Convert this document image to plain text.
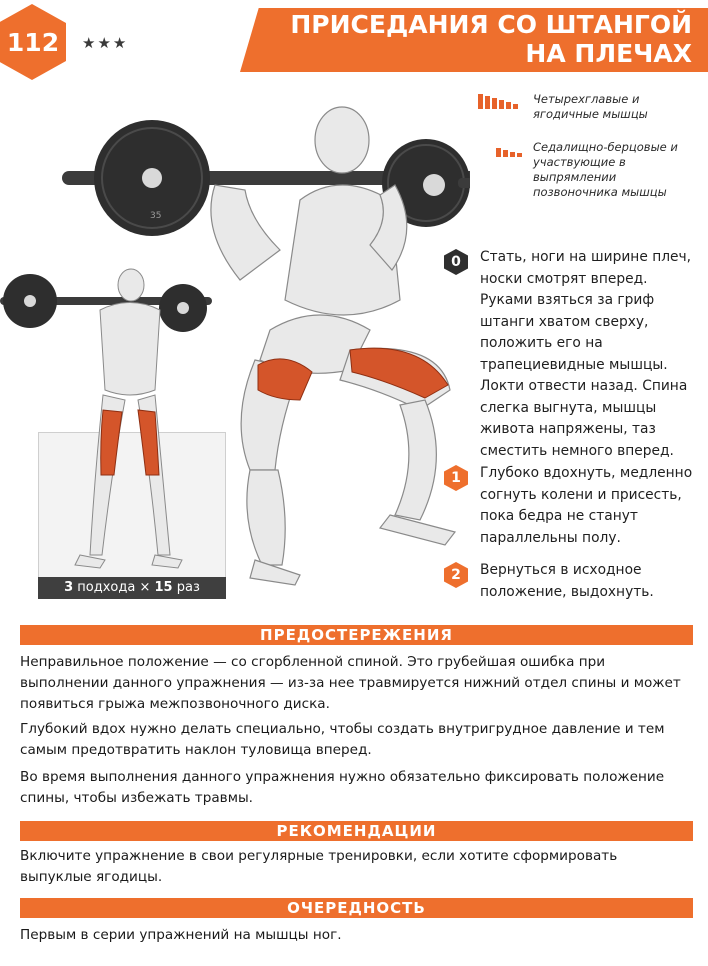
112	★★★
ПРИСЕДАНИЯ СО ШТАНГОЙ
НА ПЛЕЧАХ
Четырехглавые и ягодичные мышцы
Седалищно-берцовые и участвующие в выпрямлении позвоночника мышцы
35
3 подхода × 15 раз
0	Стать, ноги на ширине плеч, носки смотрят вперед. Руками взяться за гриф штанги хватом сверху, положить его на трапециевидные мышцы. Локти отвести назад. Спина слегка выгнута, мышцы живота напряжены, таз сместить немного вперед.
1	Глубоко вдохнуть, медленно согнуть колени и присесть, пока бедра не станут параллельны полу.
2	Вернуться в исходное положение, выдохнуть.
ПРЕДОСТЕРЕЖЕНИЯ

Неправильное положение — со сгорбленной спиной. Это грубейшая ошибка при выполнении данного упражнения — из-за нее травмируется нижний отдел спины и может появиться грыжа межпозвоночного диска.

Глубокий вдох нужно делать специально, чтобы создать внутригрудное давление и тем самым предотвратить наклон туловища вперед.

Во время выполнения данного упражнения нужно обязательно фиксировать положение спины, чтобы избежать травмы.

РЕКОМЕНДАЦИИ

Включите упражнение в свои регулярные тренировки, если хотите сформировать выпуклые ягодицы.

ОЧЕРЕДНОСТЬ

Первым в серии упражнений на мышцы ног.
